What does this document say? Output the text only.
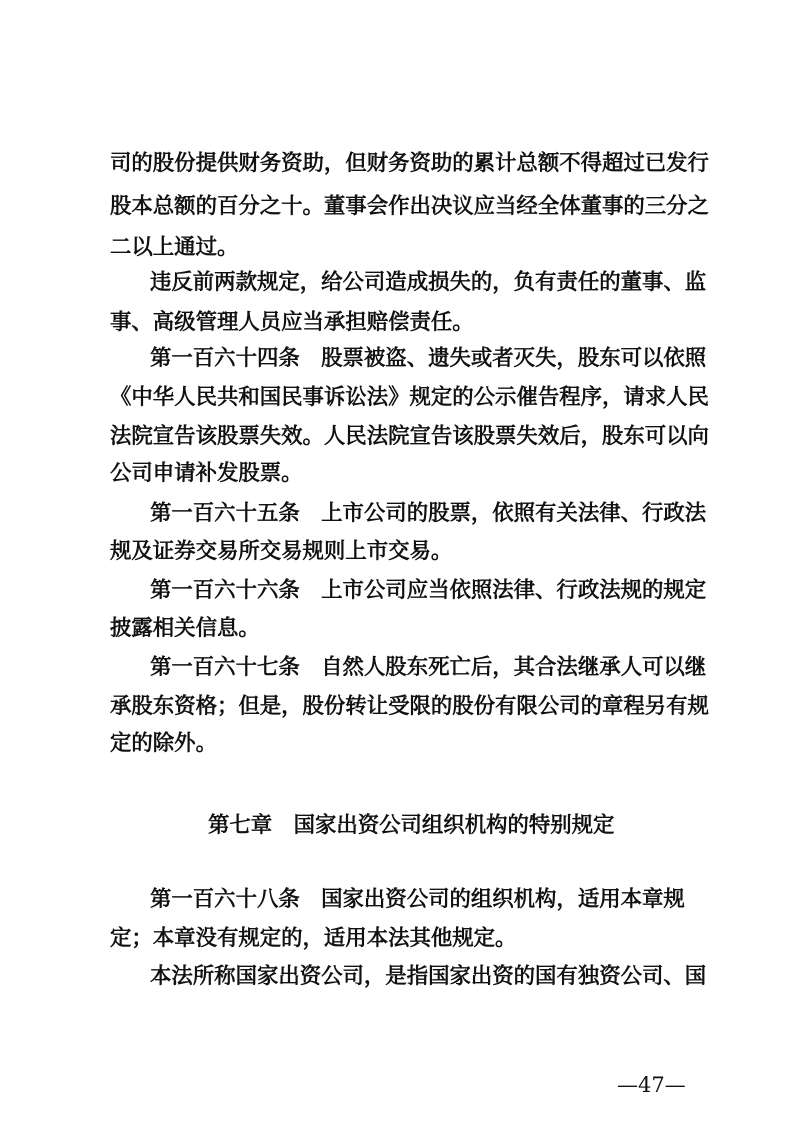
司的股份提供财务资助，但财务资助的累计总额不得超过已发行
股本总额的百分之十。董事会作出决议应当经全体董事的三分之
二以上通过。
违反前两款规定，给公司造成损失的，负有责任的董事、监
事、高级管理人员应当承担赔偿责任。
第一百六十四条　股票被盗、遗失或者灭失，股东可以依照
《中华人民共和国民事诉讼法》规定的公示催告程序，请求人民
法院宣告该股票失效。人民法院宣告该股票失效后，股东可以向
公司申请补发股票。
第一百六十五条　上市公司的股票，依照有关法律、行政法
规及证券交易所交易规则上市交易。
第一百六十六条　上市公司应当依照法律、行政法规的规定
披露相关信息。
第一百六十七条　自然人股东死亡后，其合法继承人可以继
承股东资格；但是，股份转让受限的股份有限公司的章程另有规
定的除外。
第七章　国家出资公司组织机构的特别规定
第一百六十八条　国家出资公司的组织机构，适用本章规
定；本章没有规定的，适用本法其他规定。
本法所称国家出资公司，是指国家出资的国有独资公司、国
—47—
